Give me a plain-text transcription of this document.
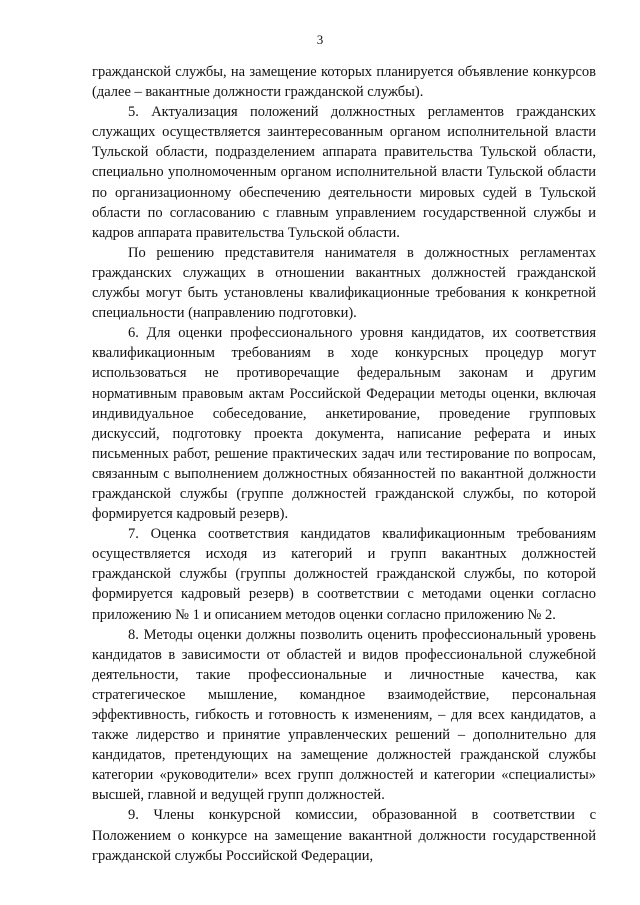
3

гражданской службы, на замещение которых планируется объявление конкурсов (далее – вакантные должности гражданской службы).

5. Актуализация положений должностных регламентов гражданских служащих осуществляется заинтересованным органом исполнительной власти Тульской области, подразделением аппарата правительства Тульской области, специально уполномоченным органом исполнительной власти Тульской области по организационному обеспечению деятельности мировых судей в Тульской области по согласованию с главным управлением государственной службы и кадров аппарата правительства Тульской области.

По решению представителя нанимателя в должностных регламентах гражданских служащих в отношении вакантных должностей гражданской службы могут быть установлены квалификационные требования к конкретной специальности (направлению подготовки).

6. Для оценки профессионального уровня кандидатов, их соответствия квалификационным требованиям в ходе конкурсных процедур могут использоваться не противоречащие федеральным законам и другим нормативным правовым актам Российской Федерации методы оценки, включая индивидуальное собеседование, анкетирование, проведение групповых дискуссий, подготовку проекта документа, написание реферата и иных письменных работ, решение практических задач или тестирование по вопросам, связанным с выполнением должностных обязанностей по вакантной должности гражданской службы (группе должностей гражданской службы, по которой формируется кадровый резерв).

7. Оценка соответствия кандидатов квалификационным требованиям осуществляется исходя из категорий и групп вакантных должностей гражданской службы (группы должностей гражданской службы, по которой формируется кадровый резерв) в соответствии с методами оценки согласно приложению № 1 и описанием методов оценки согласно приложению № 2.

8. Методы оценки должны позволить оценить профессиональный уровень кандидатов в зависимости от областей и видов профессиональной служебной деятельности, такие профессиональные и личностные качества, как стратегическое мышление, командное взаимодействие, персональная эффективность, гибкость и готовность к изменениям, – для всех кандидатов, а также лидерство и принятие управленческих решений – дополнительно для кандидатов, претендующих на замещение должностей гражданской службы категории «руководители» всех групп должностей и категории «специалисты» высшей, главной и ведущей групп должностей.

9. Члены конкурсной комиссии, образованной в соответствии с Положением о конкурсе на замещение вакантной должности государственной гражданской службы Российской Федерации,
